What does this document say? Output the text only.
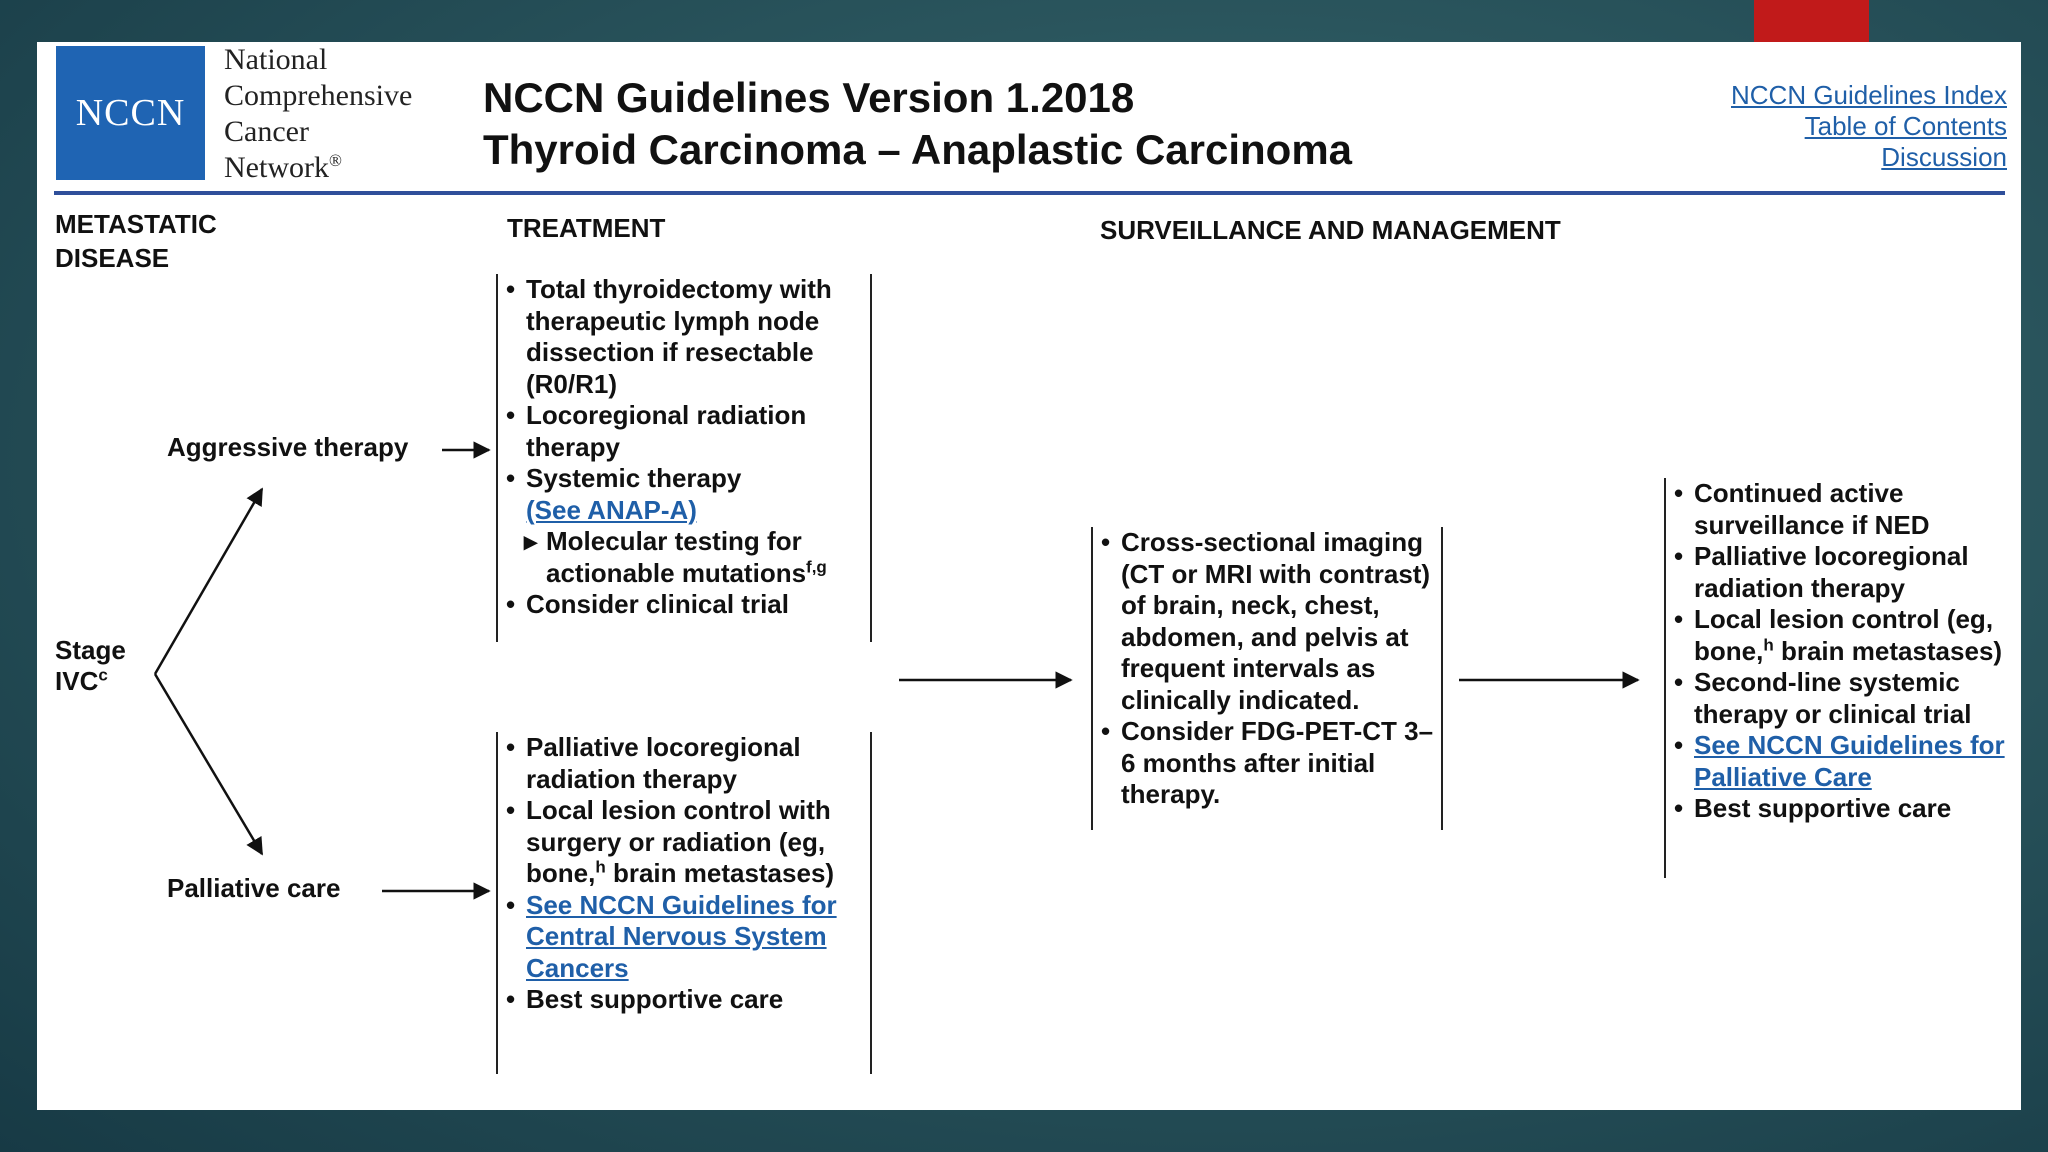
NCCN
National
Comprehensive
Cancer
Network®
NCCN Guidelines Version 1.2018
Thyroid Carcinoma – Anaplastic Carcinoma
NCCN Guidelines Index
Table of Contents
Discussion
METASTATIC
DISEASE
TREATMENT	SURVEILLANCE AND MANAGEMENT
Stage
IVC$^c$
Aggressive therapy
Palliative care
• Total thyroidectomy with therapeutic lymph node dissection if resectable (R0/R1)
• Locoregional radiation therapy
• Systemic therapy
(See ANAP-A)
▸ Molecular testing for actionable mutations$^{f,g}$
• Consider clinical trial
• Palliative locoregional radiation therapy
• Local lesion control with surgery or radiation (eg, bone,$^h$ brain metastases)
• See NCCN Guidelines for Central Nervous System Cancers
• Best supportive care
• Cross-sectional imaging (CT or MRI with contrast) of brain, neck, chest, abdomen, and pelvis at frequent intervals as clinically indicated.
• Consider FDG-PET-CT 3–6 months after initial therapy.
• Continued active surveillance if NED
• Palliative locoregional radiation therapy
• Local lesion control (eg, bone,$^h$ brain metastases)
• Second-line systemic therapy or clinical trial
• See NCCN Guidelines for Palliative Care
• Best supportive care
